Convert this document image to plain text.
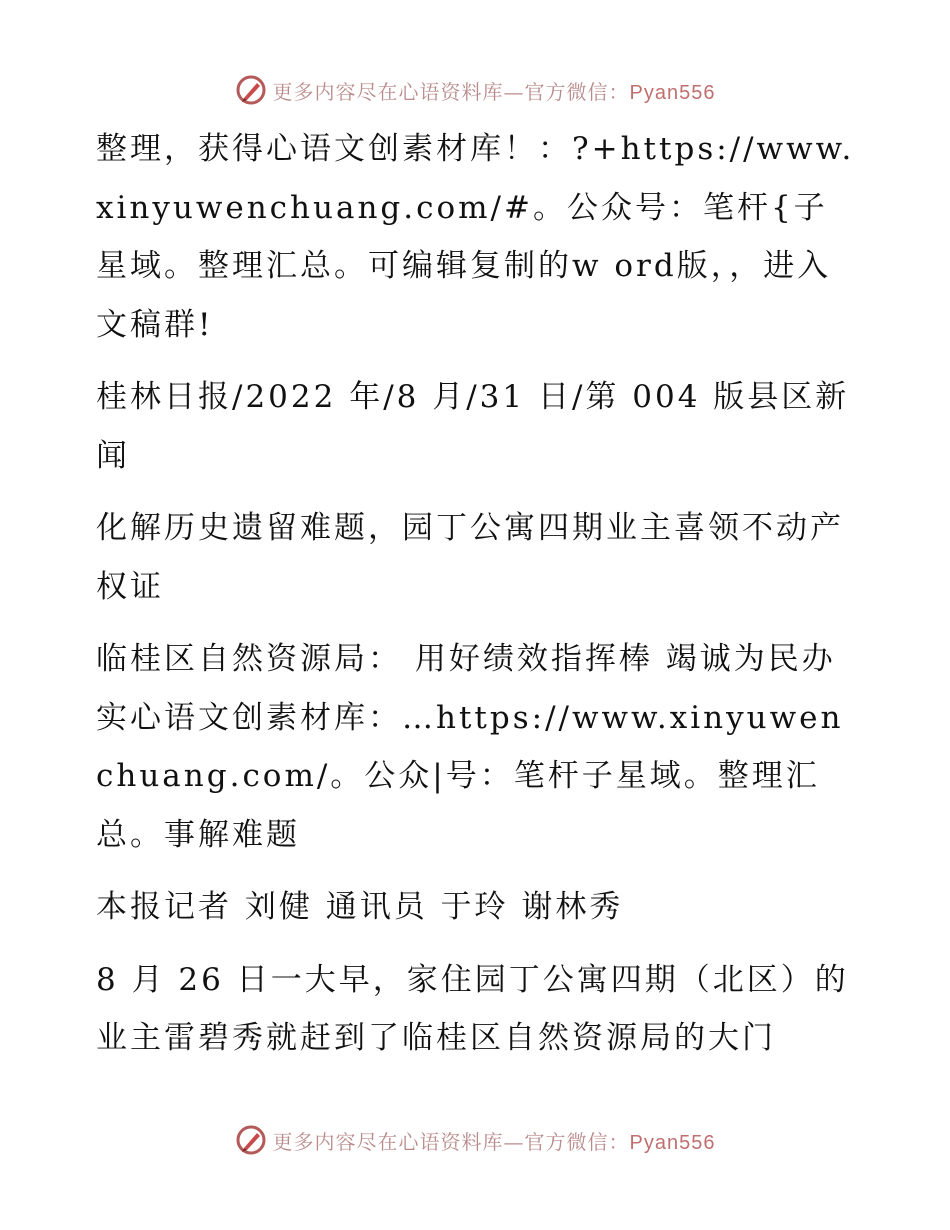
更多内容尽在心语资料库—官方微信：Pyan556

整理，获得心语文创素材库！：?+https://www.xinyuwenchuang.com/#。公众号：笔杆{子星域。整理汇总。可编辑复制的w ord版，，进入文稿群!

桂林日报/2022 年/8 月/31 日/第 004 版县区新闻

化解历史遗留难题，园丁公寓四期业主喜领不动产权证

临桂区自然资源局： 用好绩效指挥棒 竭诚为民办实心语文创素材库：…https://www.xinyuwenchuang.com/。公众|号：笔杆子星域。整理汇总。事解难题

本报记者 刘健 通讯员 于玲 谢林秀

8 月 26 日一大早，家住园丁公寓四期（北区）的业主雷碧秀就赶到了临桂区自然资源局的大门

更多内容尽在心语资料库—官方微信：Pyan556
